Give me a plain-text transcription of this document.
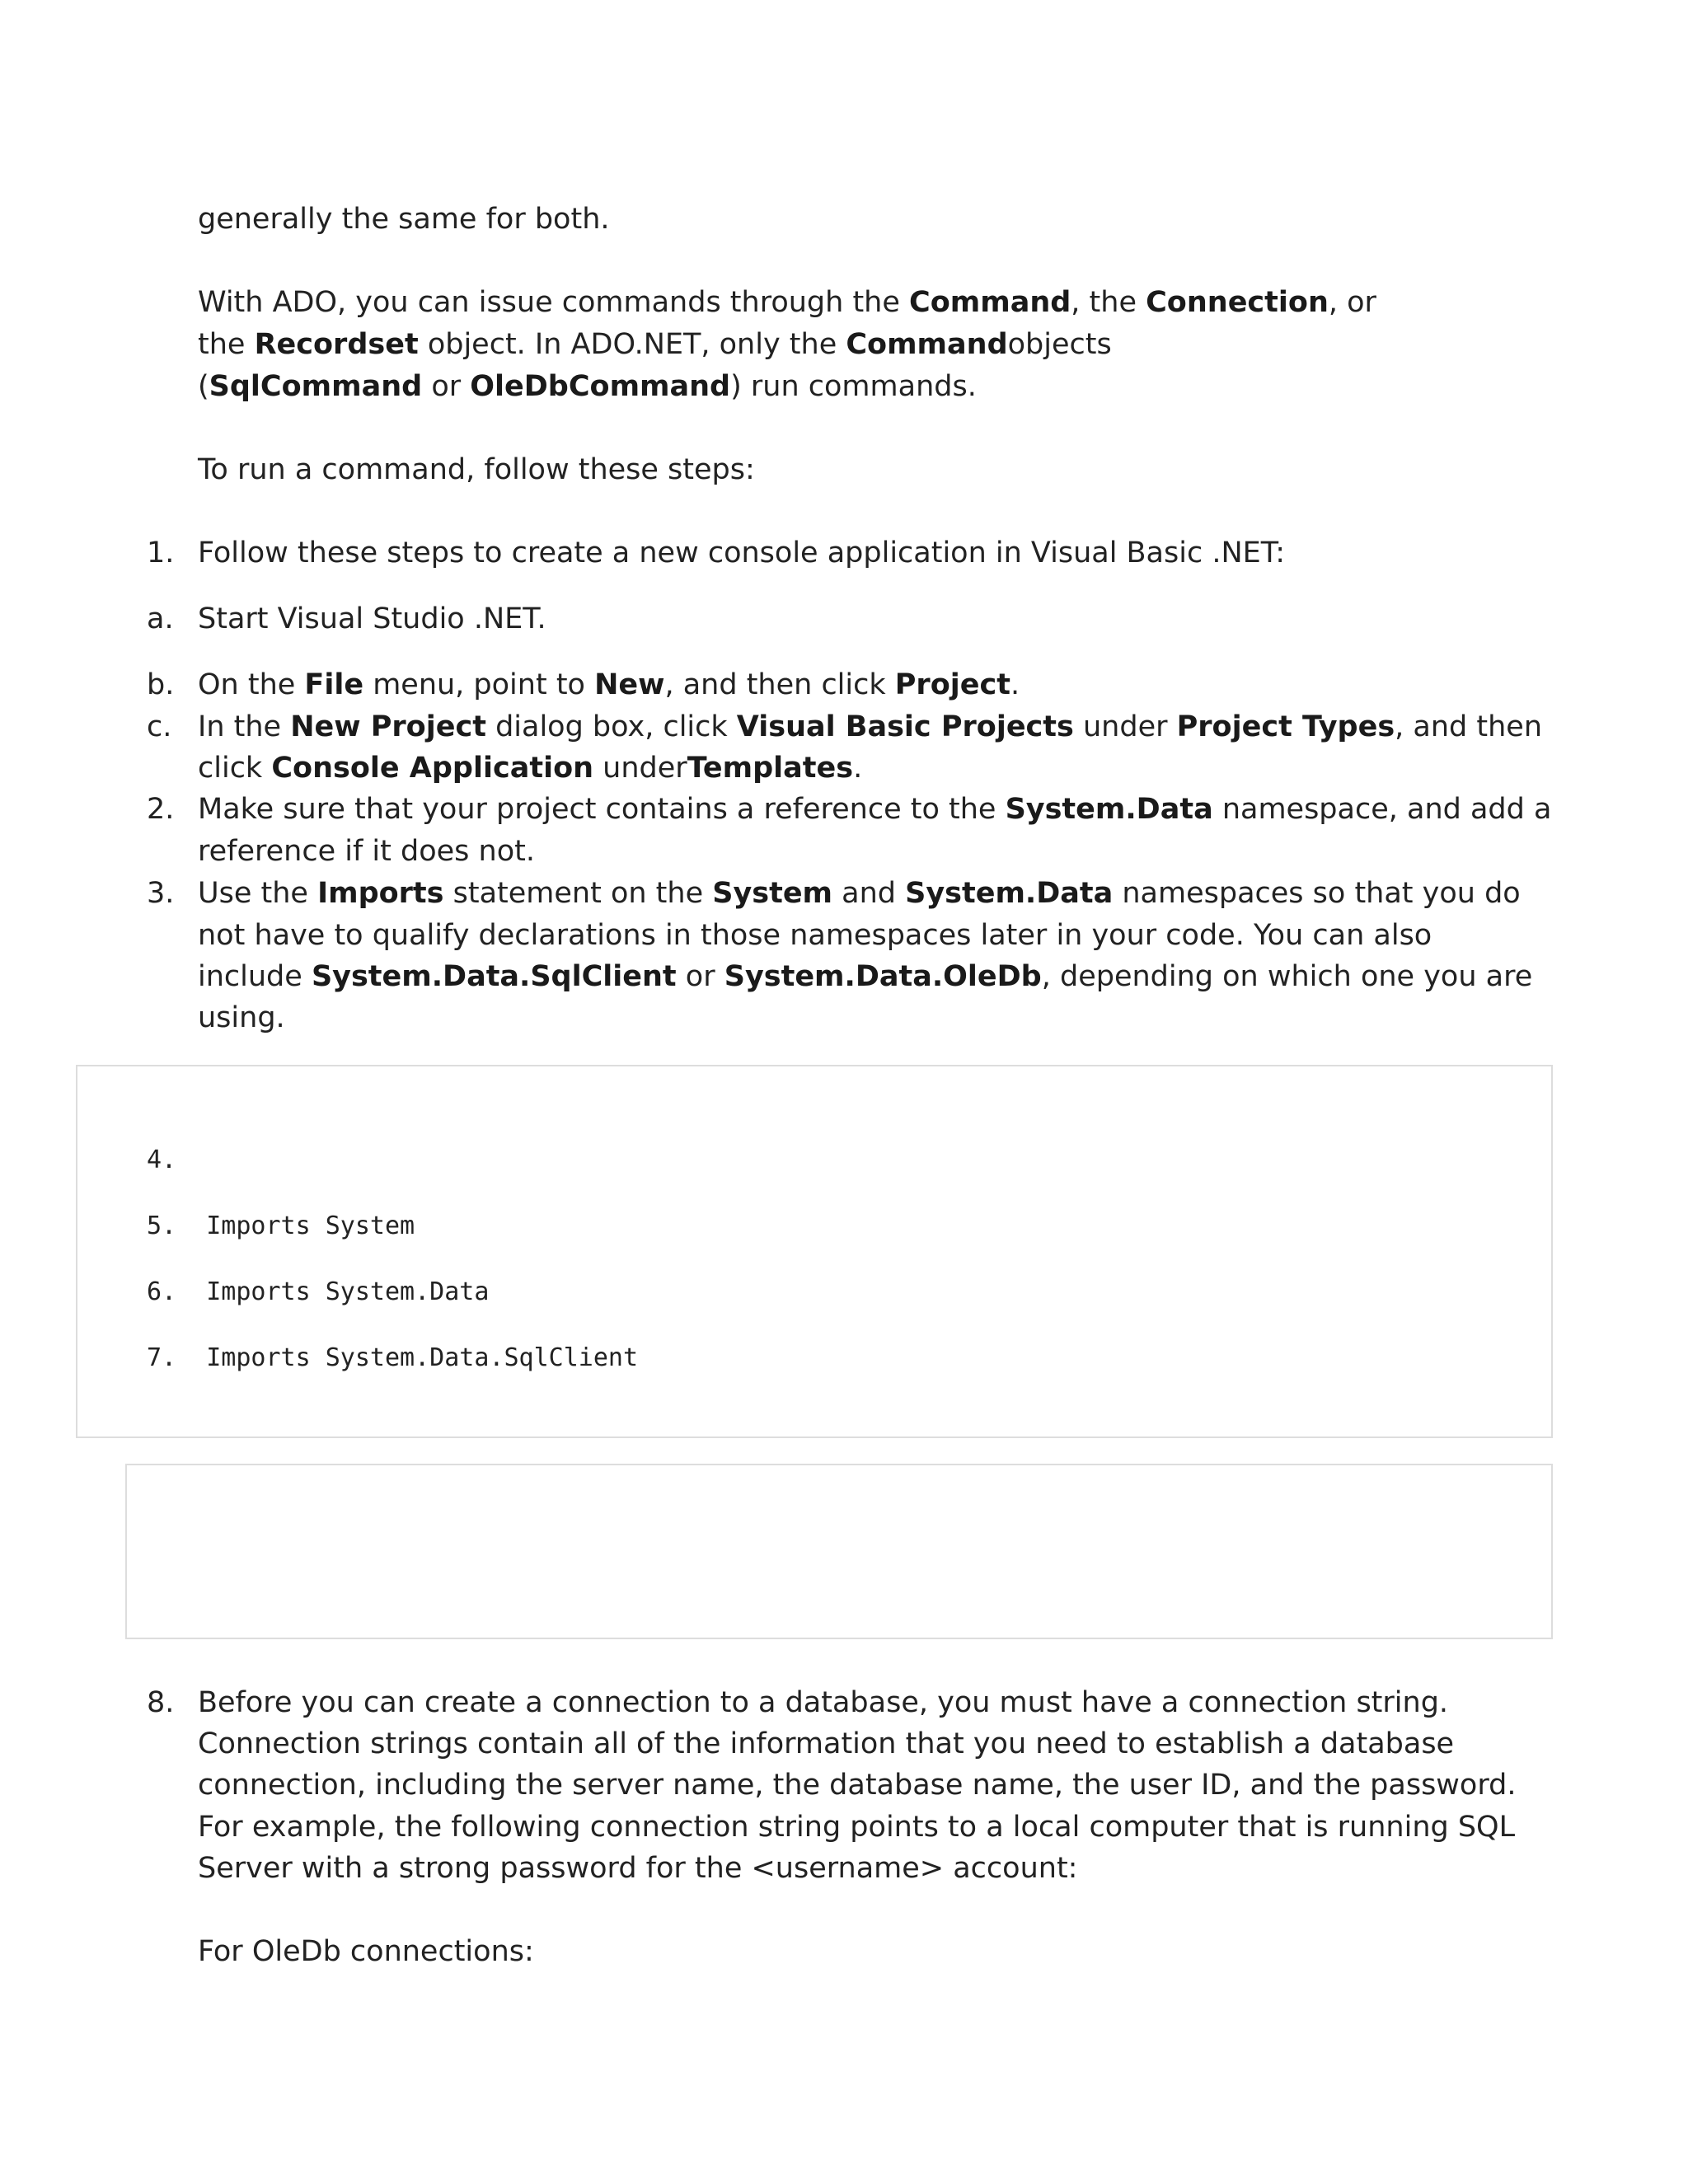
generally the same for both.
With ADO, you can issue commands through the Command, the Connection, or
the Recordset object. In ADO.NET, only the Commandobjects
(SqlCommand or OleDbCommand) run commands.
To run a command, follow these steps:
1. Follow these steps to create a new console application in Visual Basic .NET:
a. Start Visual Studio .NET.
b. On the File menu, point to New, and then click Project.
c. In the New Project dialog box, click Visual Basic Projects under Project Types, and then
click Console Application underTemplates.
2. Make sure that your project contains a reference to the System.Data namespace, and add a
reference if it does not.
3. Use the Imports statement on the System and System.Data namespaces so that you do
not have to qualify declarations in those namespaces later in your code. You can also
include System.Data.SqlClient or System.Data.OleDb, depending on which one you are
using.
4.
5.  Imports System
6.  Imports System.Data
7.  Imports System.Data.SqlClient
8. Before you can create a connection to a database, you must have a connection string.
Connection strings contain all of the information that you need to establish a database
connection, including the server name, the database name, the user ID, and the password.
For example, the following connection string points to a local computer that is running SQL
Server with a strong password for the <username> account:
For OleDb connections:
